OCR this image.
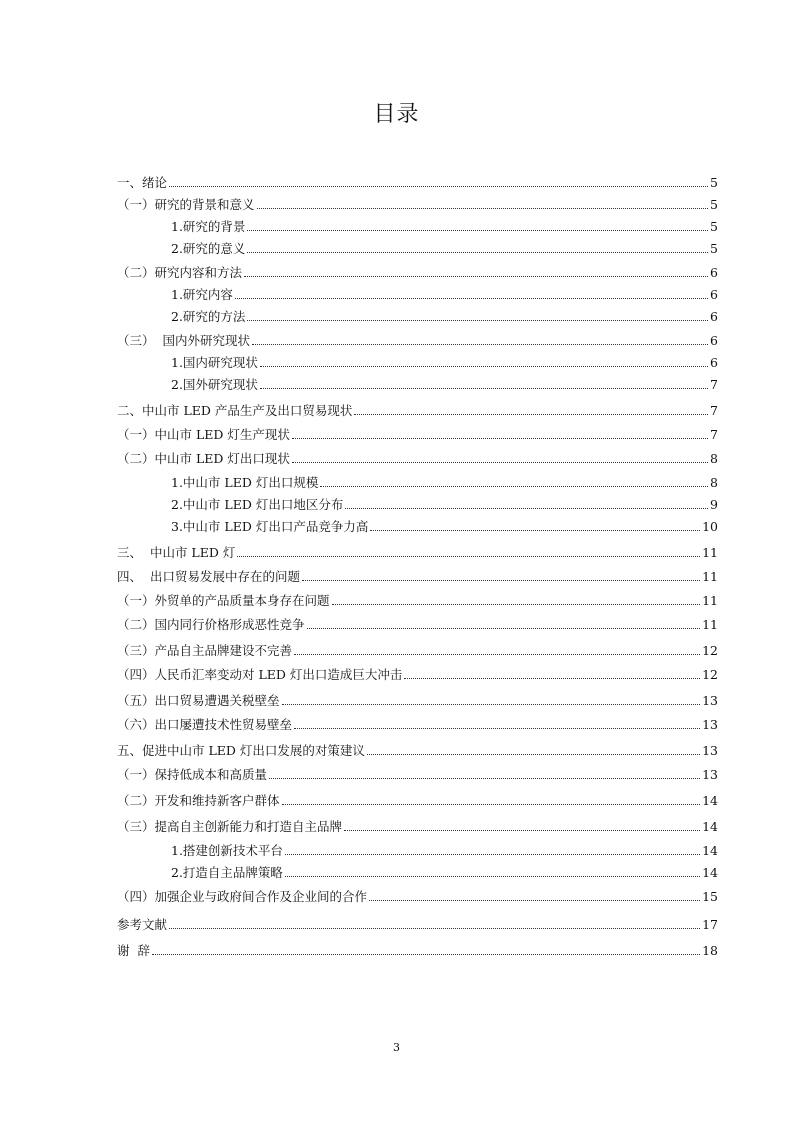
目录
一、绪论	5
（一）研究的背景和意义	5
1.研究的背景	5
2.研究的意义	5
（二）研究内容和方法	6
1.研究内容	6
2.研究的方法	6
（三）  国内外研究现状	6
1.国内研究现状	6
2.国外研究现状	7
二、中山市 LED 产品生产及出口贸易现状	7
（一）中山市 LED 灯生产现状	7
（二）中山市 LED 灯出口现状	8
1.中山市 LED 灯出口规模	8
2.中山市 LED 灯出口地区分布	9
3.中山市 LED 灯出口产品竞争力高	10
三、  中山市 LED 灯	11
四、  出口贸易发展中存在的问题	11
（一）外贸单的产品质量本身存在问题	11
（二）国内同行价格形成恶性竞争	11
（三）产品自主品牌建设不完善	12
（四）人民币汇率变动对 LED 灯出口造成巨大冲击	12
（五）出口贸易遭遇关税壁垒	13
（六）出口屡遭技术性贸易壁垒	13
五、促进中山市 LED 灯出口发展的对策建议	13
（一）保持低成本和高质量	13
（二）开发和维持新客户群体	14
（三）提高自主创新能力和打造自主品牌	14
1.搭建创新技术平台	14
2.打造自主品牌策略	14
（四）加强企业与政府间合作及企业间的合作	15
参考文献	17
谢  辞	18
3
